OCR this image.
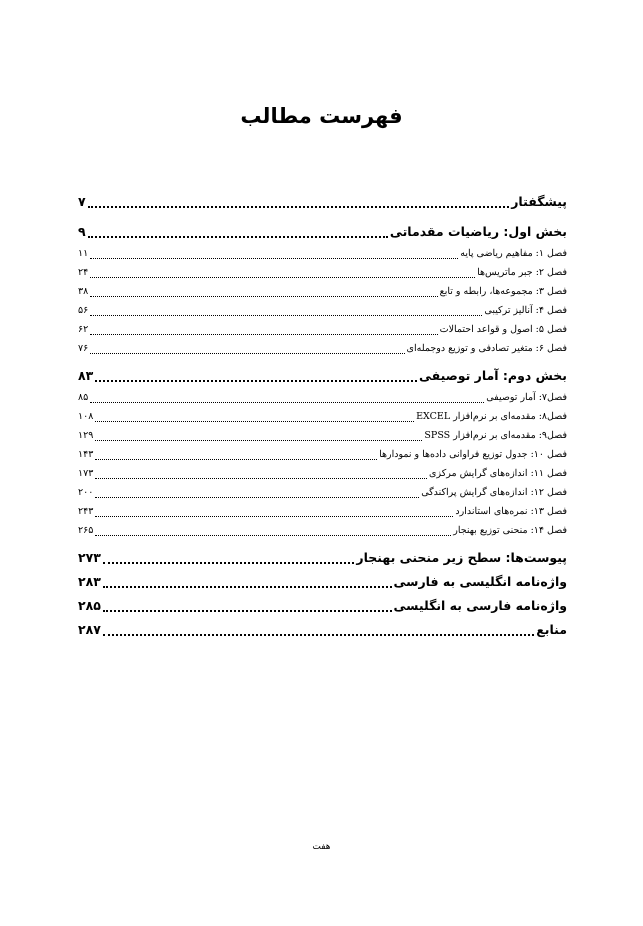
فهرست مطالب
پیشگفتار
۷
بخش اول: ریاضیات مقدماتی
۹
فصل ۱: مفاهیم ریاضی پایه
۱۱
فصل ۲: جبر ماتریس‌ها
۲۴
فصل ۳: مجموعه‌ها، رابطه و تابع
۳۸
فصل ۴: آنالیز ترکیبی
۵۶
فصل ۵: اصول و قواعد احتمالات
۶۲
فصل ۶: متغیر تصادفی و توزیع دوجمله‌ای
۷۶
بخش دوم: آمار توصیفی
۸۳
فصل۷: آمار توصیفی
۸۵
فصل۸: مقدمه‌ای بر نرم‌افزار EXCEL
۱۰۸
فصل۹: مقدمه‌ای بر نرم‌افزار SPSS
۱۲۹
فصل ۱۰: جدول توزیع فراوانی داده‌ها و نمودارها
۱۴۳
فصل ۱۱: اندازه‌های گرایش مرکزی
۱۷۳
فصل ۱۲: اندازه‌های گرایش پراکندگی
۲۰۰
فصل ۱۳: نمره‌های استاندارد
۲۴۳
فصل ۱۴: منحنی توزیع بهنجار
۲۶۵
پیوست‌ها: سطح زیر منحنی بهنجار
۲۷۳
واژه‌نامه انگلیسی به فارسی
۲۸۳
واژه‌نامه فارسی به انگلیسی
۲۸۵
منابع
۲۸۷
هفت
